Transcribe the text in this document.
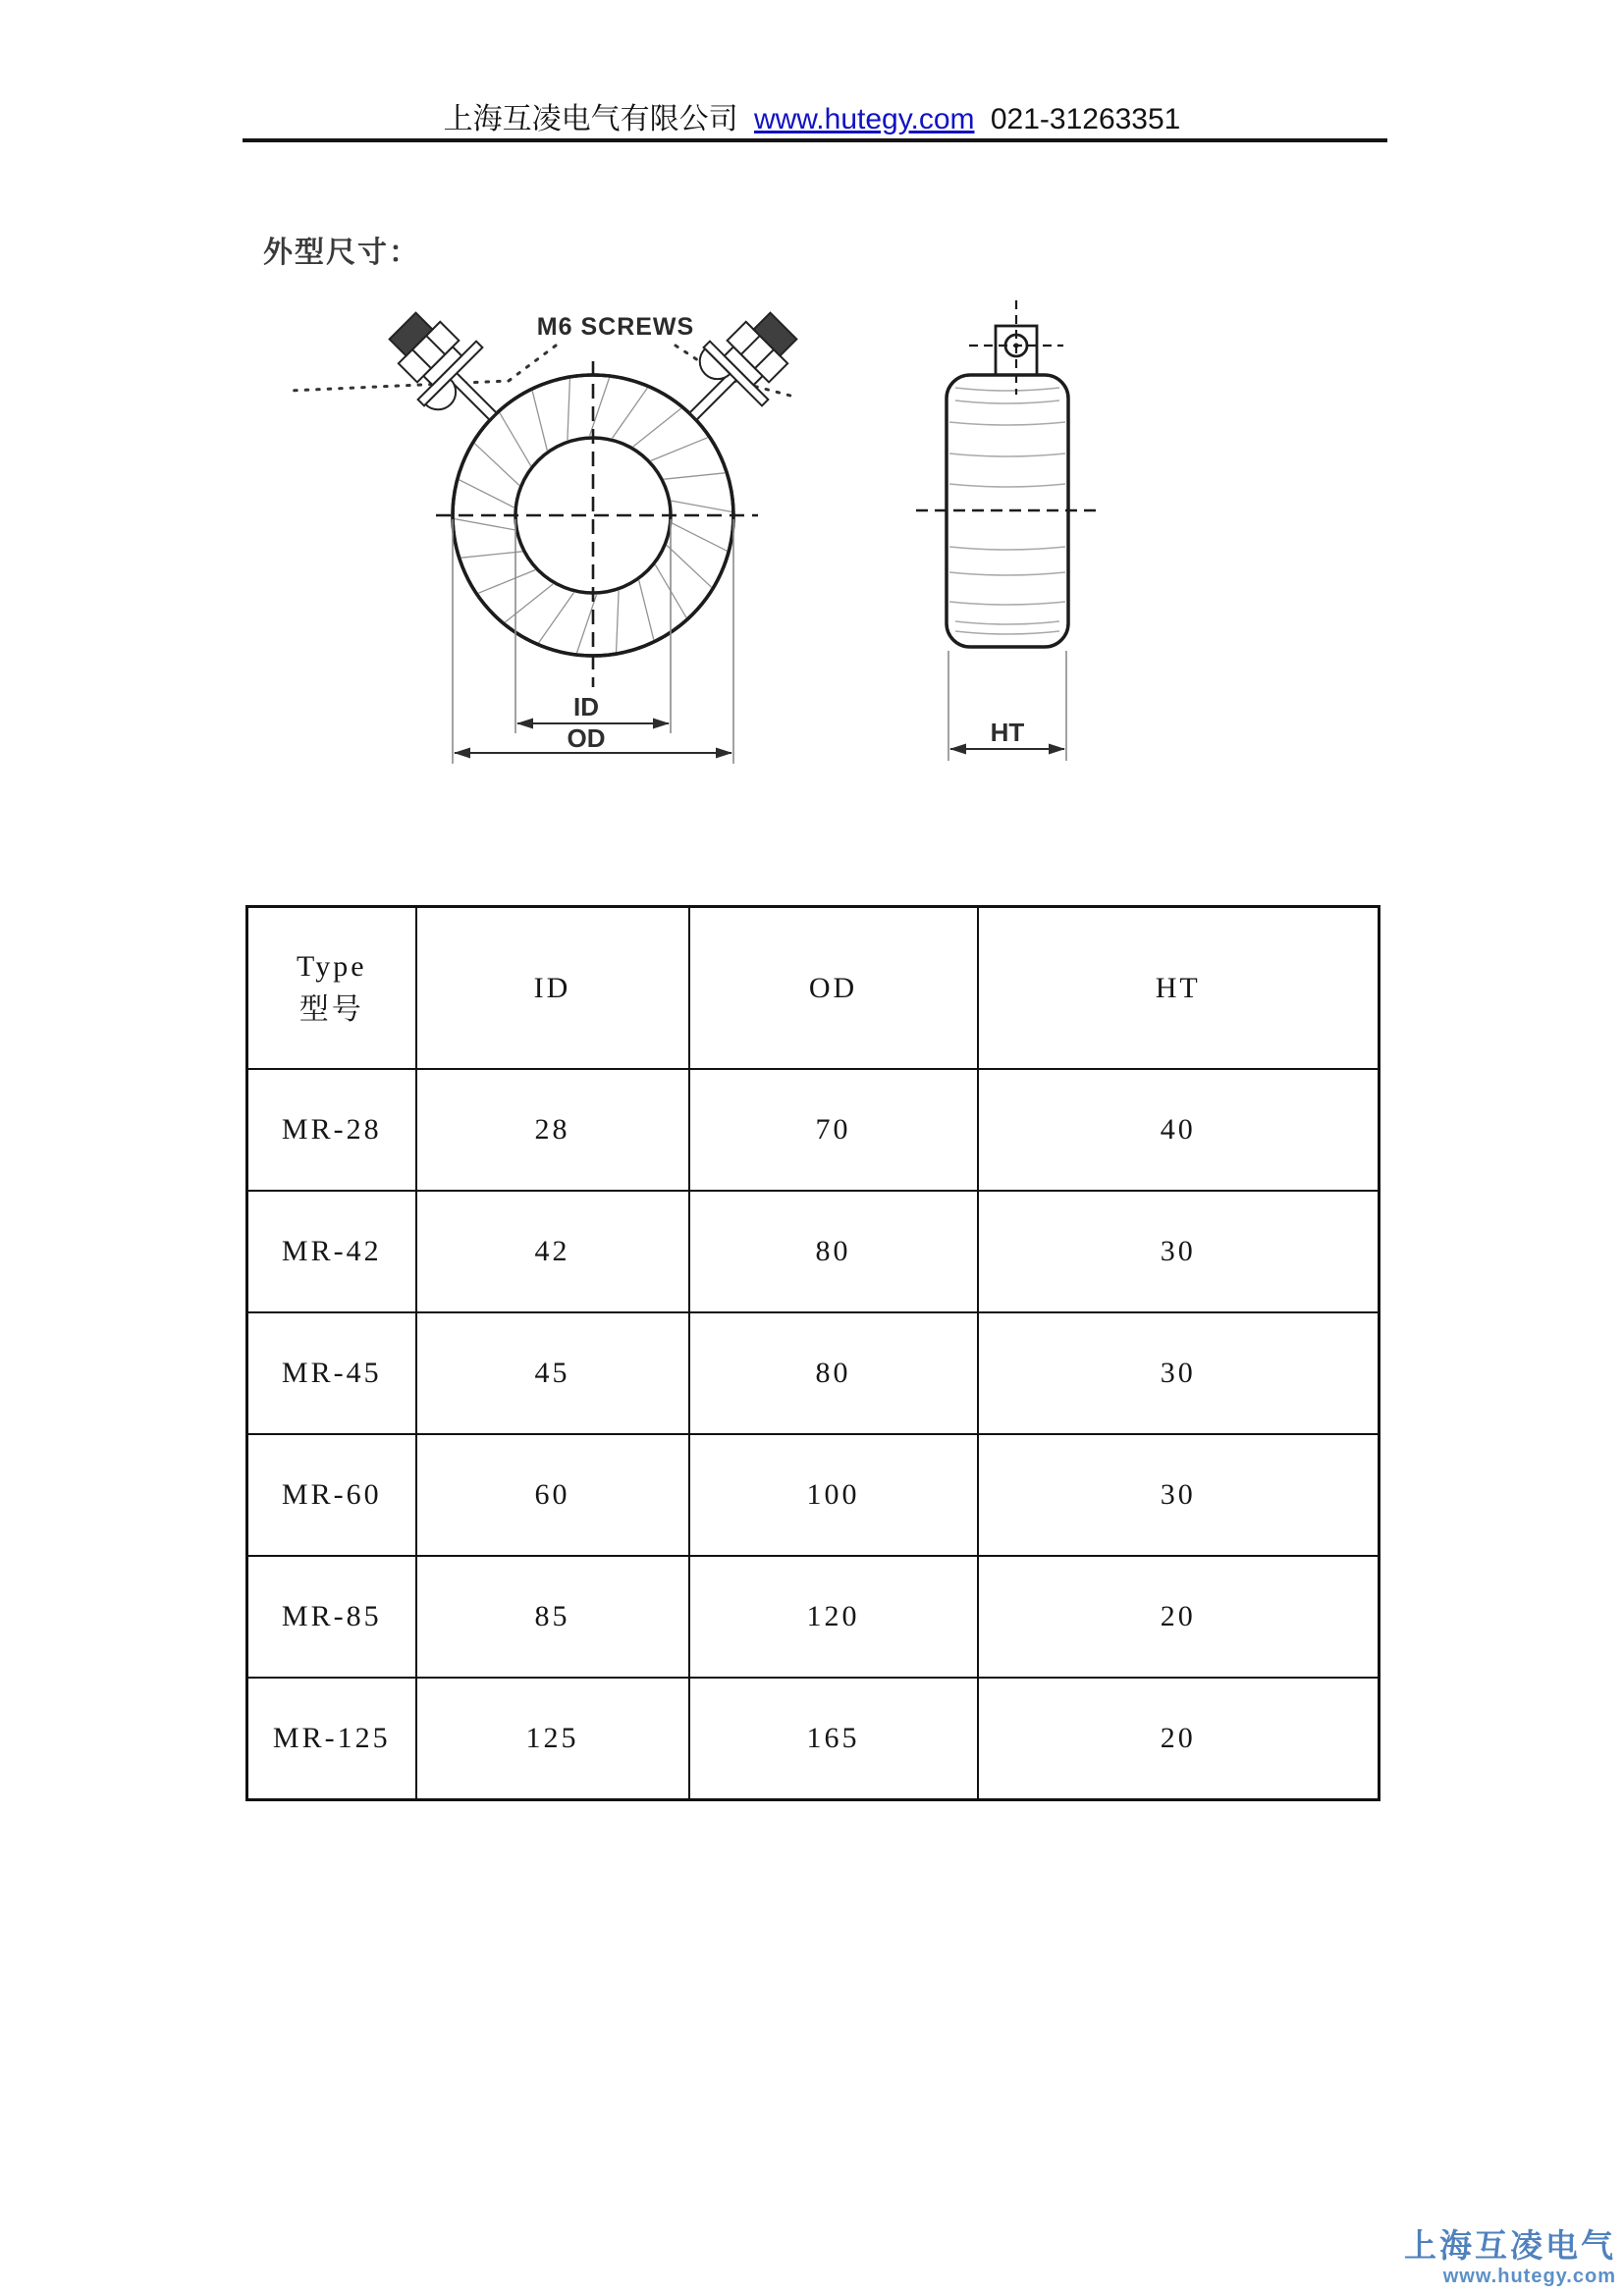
上海互凌电气有限公司 www.hutegy.com 021-31263351
外型尺寸：
M6 SCREWS
ID
OD	HT
Type
型号	ID	OD	HT
MR-28	28	70	40
MR-42	42	80	30
MR-45	45	80	30
MR-60	60	100	30
MR-85	85	120	20
MR-125	125	165	20
上海互凌电气
www.hutegy.com
